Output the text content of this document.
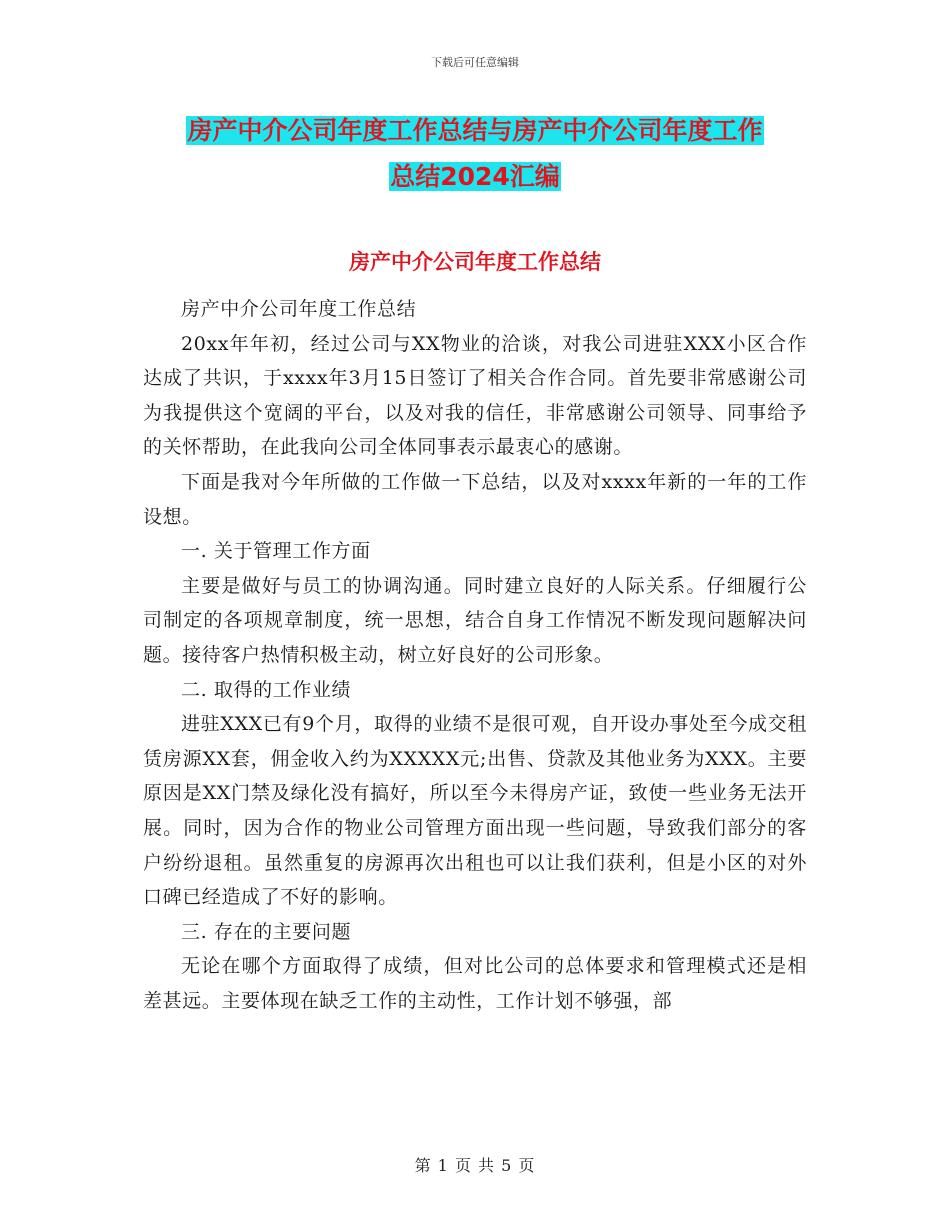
下载后可任意编辑
房产中介公司年度工作总结与房产中介公司年度工作
总结2024汇编
房产中介公司年度工作总结

房产中介公司年度工作总结

20xx年年初，经过公司与XX物业的洽谈，对我公司进驻XXX小区合作达成了共识，于xxxx年3月15日签订了相关合作合同。首先要非常感谢公司为我提供这个宽阔的平台，以及对我的信任，非常感谢公司领导、同事给予的关怀帮助，在此我向公司全体同事表示最衷心的感谢。

下面是我对今年所做的工作做一下总结，以及对xxxx年新的一年的工作设想。

一. 关于管理工作方面

主要是做好与员工的协调沟通。同时建立良好的人际关系。仔细履行公司制定的各项规章制度，统一思想，结合自身工作情况不断发现问题解决问题。接待客户热情积极主动，树立好良好的公司形象。

二. 取得的工作业绩

进驻XXX已有9个月，取得的业绩不是很可观，自开设办事处至今成交租赁房源XX套，佣金收入约为XXXXX元;出售、贷款及其他业务为XXX。主要原因是XX门禁及绿化没有搞好，所以至今未得房产证，致使一些业务无法开展。同时，因为合作的物业公司管理方面出现一些问题，导致我们部分的客户纷纷退租。虽然重复的房源再次出租也可以让我们获利，但是小区的对外口碑已经造成了不好的影响。

三. 存在的主要问题

无论在哪个方面取得了成绩，但对比公司的总体要求和管理模式还是相差甚远。主要体现在缺乏工作的主动性，工作计划不够强，部

第 1 页 共 5 页
